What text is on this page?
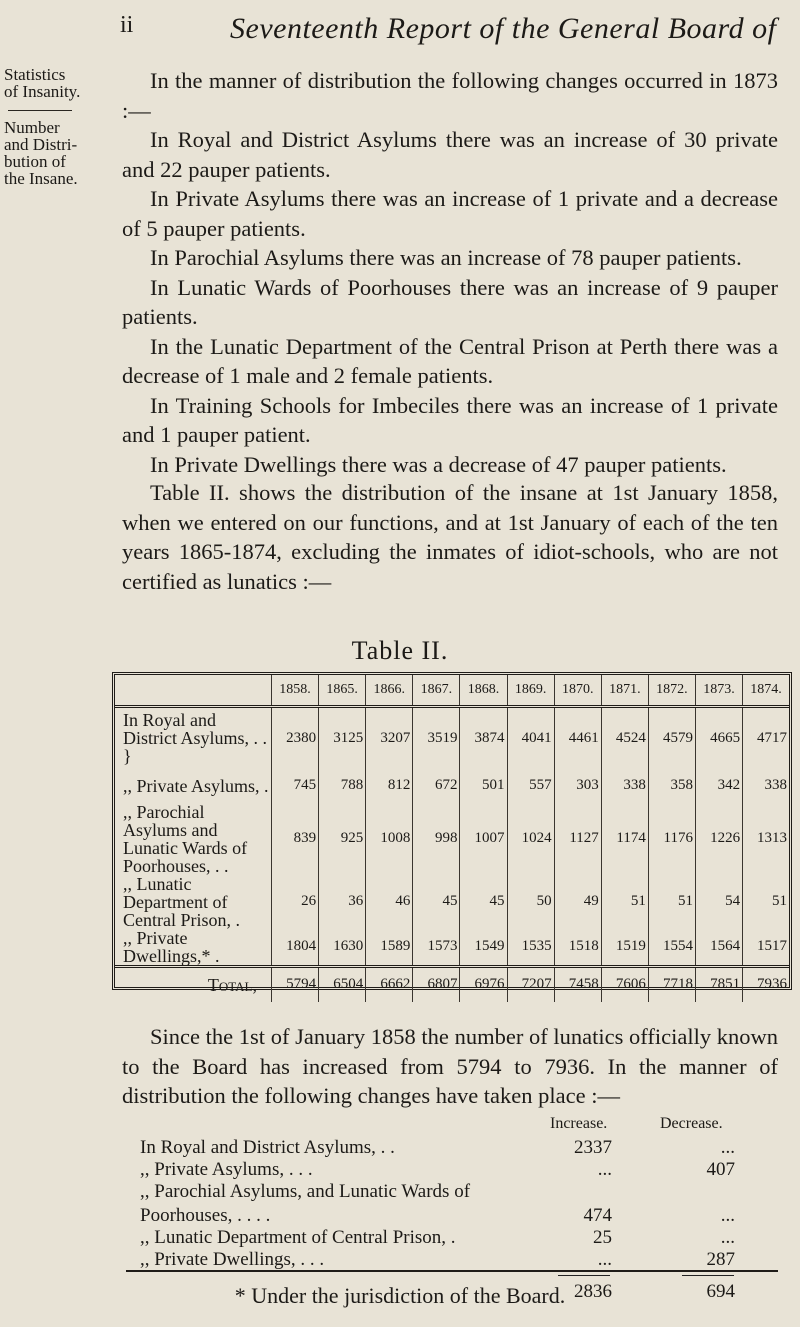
ii	Seventeenth Report of the General Board of
Statistics
of Insanity.
Number
and Distri-
bution of
the Insane.

In the manner of distribution the following changes occurred in 1873 :—

In Royal and District Asylums there was an increase of 30 private and 22 pauper patients.

In Private Asylums there was an increase of 1 private and a decrease of 5 pauper patients.

In Parochial Asylums there was an increase of 78 pauper patients.

In Lunatic Wards of Poorhouses there was an increase of 9 pauper patients.

In the Lunatic Department of the Central Prison at Perth there was a decrease of 1 male and 2 female patients.

In Training Schools for Imbeciles there was an increase of 1 private and 1 pauper patient.

In Private Dwellings there was a decrease of 47 pauper patients.

Table II. shows the distribution of the insane at 1st January 1858, when we entered on our functions, and at 1st January of each of the ten years 1865-1874, excluding the inmates of idiot-schools, who are not certified as lunatics :—

Table II.
	1858.	1865.	1866.	1867.	1868.	1869.	1870.	1871.	1872.	1873.	1874.
In Royal and District Asylums, . . }	2380	3125	3207	3519	3874	4041	4461	4524	4579	4665	4717
,, Private Asylums, .	745	788	812	672	501	557	303	338	358	342	338
,, Parochial Asylums and Lunatic Wards of Poorhouses, . .	839	925	1008	998	1007	1024	1127	1174	1176	1226	1313
,, Lunatic Department of Central Prison, .	26	36	46	45	45	50	49	51	51	54	51
,, Private Dwellings,* .	1804	1630	1589	1573	1549	1535	1518	1519	1554	1564	1517
Total,	5794	6504	6662	6807	6976	7207	7458	7606	7718	7851	7936

Since the 1st of January 1858 the number of lunatics officially known to the Board has increased from 5794 to 7936. In the manner of distribution the following changes have taken place :—

Increase.	Decrease.
In Royal and District Asylums, . .	2337	...
,, Private Asylums, . . .	...	407
,, Parochial Asylums, and Lunatic Wards of
Poorhouses, . . . .	474	...
,, Lunatic Department of Central Prison, .	25	...
,, Private Dwellings, . . .	...	287
2836	694
* Under the jurisdiction of the Board.
